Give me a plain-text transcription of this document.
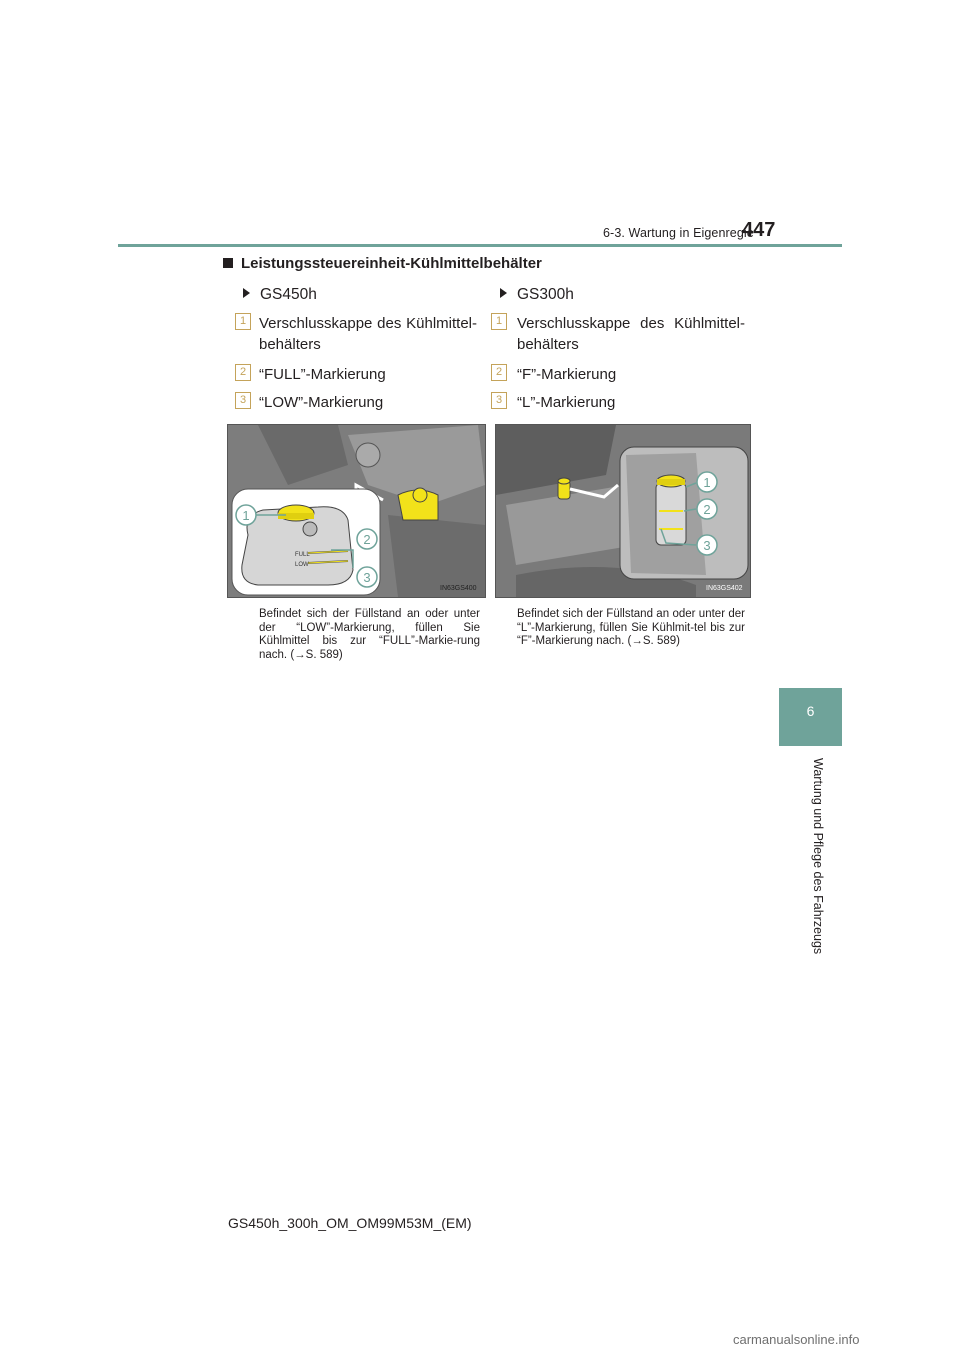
6-3. Wartung in Eigenregie
447
6
Wartung und Pflege des Fahrzeugs
Leistungssteuereinheit-Kühlmittelbehälter
GS450h
1 Verschlusskappe des Kühlmittel-behälters
2 “FULL”-Markierung
3 “LOW”-Markierung
GS300h
1 Verschlusskappe des Kühlmittel-behälters
2 “F”-Markierung
3 “L”-Markierung
FULL
LOW
1
2
3
IN63GS400
1
2
3
IN63GS402
Befindet sich der Füllstand an oder unter der “LOW”-Markierung, füllen Sie Kühlmittel bis zur “FULL”-Markie-rung nach. (→S. 589)
Befindet sich der Füllstand an oder unter der “L”-Markierung, füllen Sie Kühlmit-tel bis zur “F”-Markierung nach. (→S. 589)
GS450h_300h_OM_OM99M53M_(EM)
carmanualsonline.info
